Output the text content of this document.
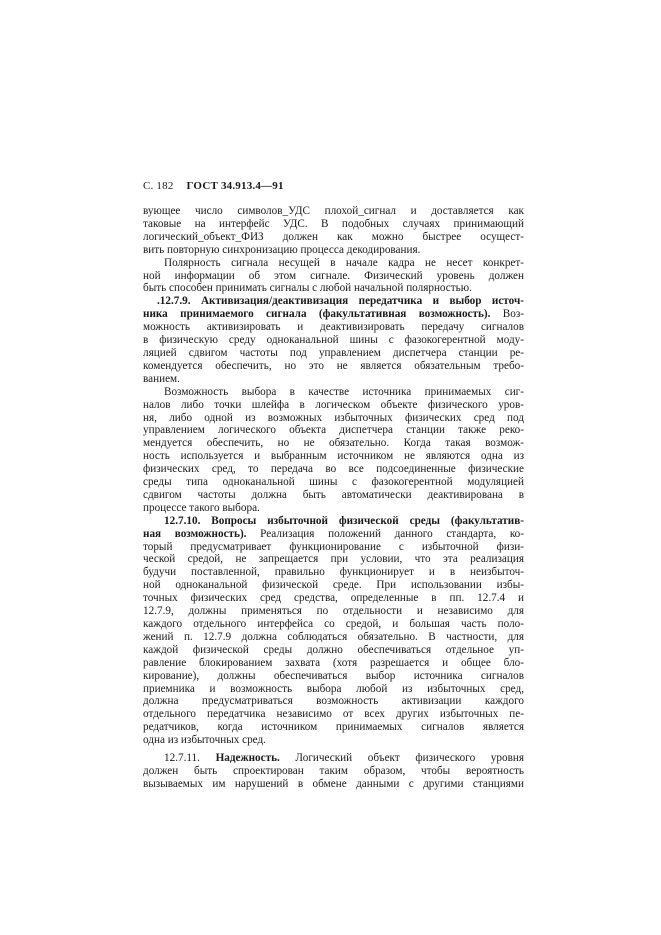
С. 182 ГОСТ 34.913.4—91

вующее число символов_УДС плохой_сигнал и доставляется как

таковые на интерфейс УДС. В подобных случаях принимающий

логический_объект_ФИЗ должен как можно быстрее осущест-

вить повторную синхронизацию процесса декодирования.

Полярность сигнала несущей в начале кадра не несет конкрет-

ной информации об этом сигнале. Физический уровень должен

быть способен принимать сигналы с любой начальной полярностью.

.12.7.9. Активизация/деактивизация передатчика и выбор источ-

ника принимаемого сигнала (факультативная возможность). Воз-

можность активизировать и деактивизировать передачу сигналов

в физическую среду одноканальной шины с фазокогерентной моду-

ляцией сдвигом частоты под управлением диспетчера станции ре-

комендуется обеспечить, но это не является обязательным требо-

ванием.

Возможность выбора в качестве источника принимаемых сиг-

налов либо точки шлейфа в логическом объекте физического уров-

ня, либо одной из возможных избыточных физических сред под

управлением логического объекта диспетчера станции также реко-

мендуется обеспечить, но не обязательно. Когда такая возмож-

ность используется и выбранным источником не являются одна из

физических сред, то передача во все подсоединенные физические

среды типа одноканальной шины с фазокогерентной модуляцией

сдвигом частоты должна быть автоматически деактивирована в

процессе такого выбора.

12.7.10. Вопросы избыточной физической среды (факультатив-

ная возможность). Реализация положений данного стандарта, ко-

торый предусматривает функционирование с избыточной физи-

ческой средой, не запрещается при условии, что эта реализация

будучи поставленной, правильно функционирует и в неизбыточ-

ной одноканальной физической среде. При использовании избы-

точных физических сред средства, определенные в пп. 12.7.4 и

12.7.9, должны применяться по отдельности и независимо для

каждого отдельного интерфейса со средой, и большая часть поло-

жений п. 12.7.9 должна соблюдаться обязательно. В частности, для

каждой физической среды должно обеспечиваться отдельное уп-

равление блокированием захвата (хотя разрешается и общее бло-

кирование), должны обеспечиваться выбор источника сигналов

приемника и возможность выбора любой из избыточных сред,

должна предусматриваться возможность активизации каждого

отдельного передатчика независимо от всех других избыточных пе-

редатчиков, когда источником принимаемых сигналов является

одна из избыточных сред.

12.7.11. Надежность. Логический объект физического уровня

должен быть спроектирован таким образом, чтобы вероятность

вызываемых им нарушений в обмене данными с другими станциями
